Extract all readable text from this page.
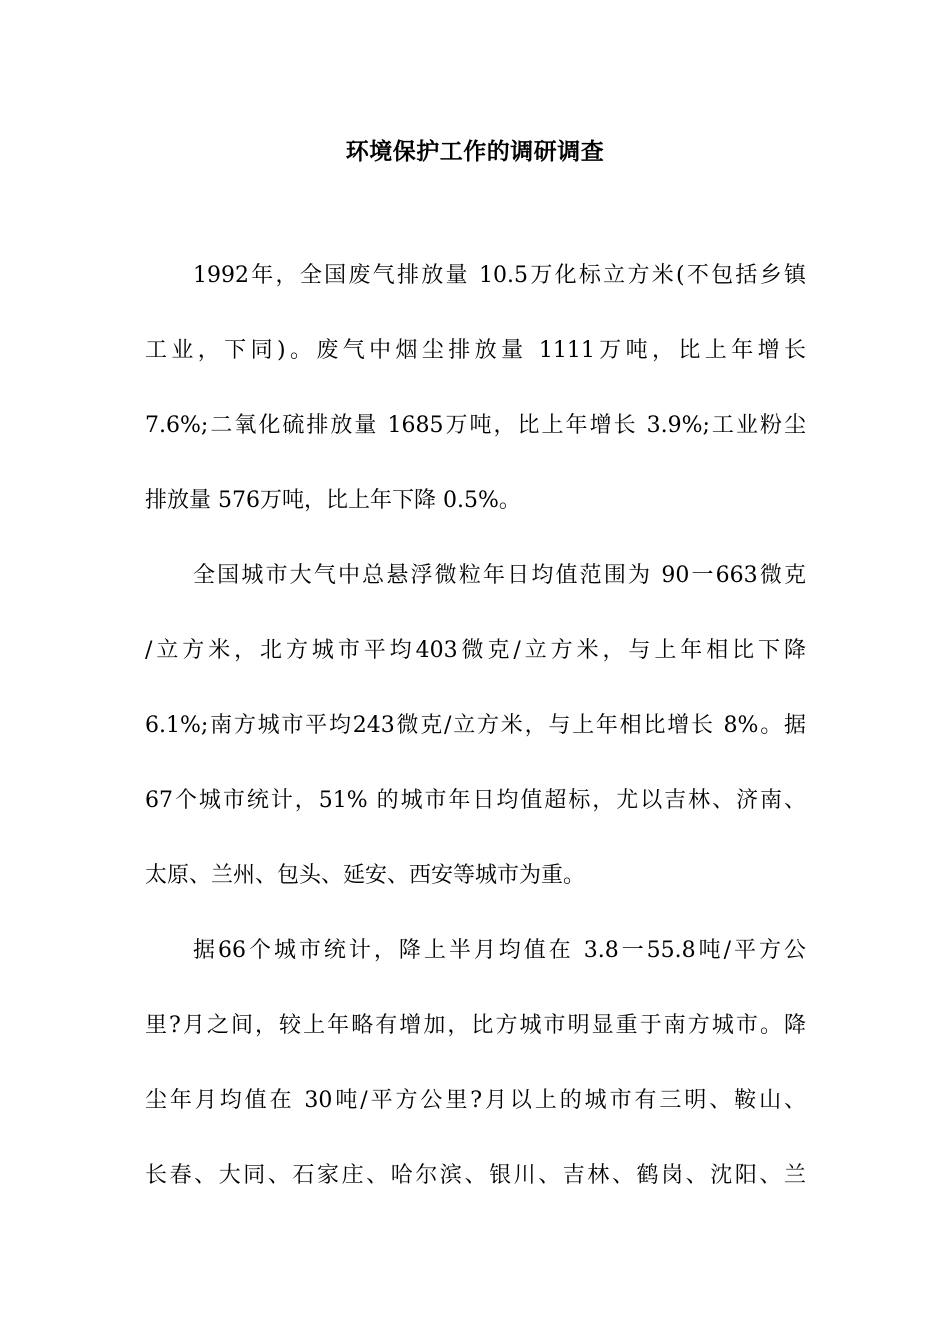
环境保护工作的调研调查
1992年，全国废气排放量 10.5万化标立方米(不包括乡镇
工业，下同)。废气中烟尘排放量 1111万吨，比上年增长
7.6%;二氧化硫排放量 1685万吨，比上年增长 3.9%;工业粉尘
排放量 576万吨，比上年下降 0.5%。
全国城市大气中总悬浮微粒年日均值范围为 90一663微克
/立方米，北方城市平均403微克/立方米，与上年相比下降
6.1%;南方城市平均243微克/立方米，与上年相比增长 8%。据
67个城市统计，51% 的城市年日均值超标，尤以吉林、济南、
太原、兰州、包头、延安、西安等城市为重。
据66个城市统计，降上半月均值在 3.8一55.8吨/平方公
里?月之间，较上年略有增加，比方城市明显重于南方城市。降
尘年月均值在 30吨/平方公里?月以上的城市有三明、鞍山、
长春、大同、石家庄、哈尔滨、银川、吉林、鹤岗、沈阳、兰
